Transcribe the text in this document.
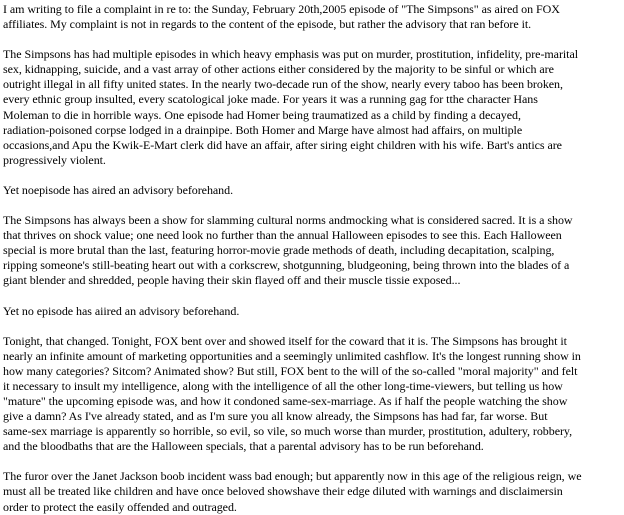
I am writing to file a complaint in re to: the Sunday, February 20th,2005 episode of "The Simpsons" as aired on FOX
affiliates. My complaint is not in regards to the content of the episode, but rather the advisory that ran before it.

The Simpsons has had multiple episodes in which heavy emphasis was put on murder, prostitution, infidelity, pre-marital
sex, kidnapping, suicide, and a vast array of other actions either considered by the majority to be sinful or which are
outright illegal in all fifty united states. In the nearly two-decade run of the show, nearly every taboo has been broken,
every ethnic group insulted, every scatological joke made. For years it was a running gag for tthe character Hans
Moleman to die in horrible ways. One episode had Homer being traumatized as a child by finding a decayed,
radiation-poisoned corpse lodged in a drainpipe. Both Homer and Marge have almost had affairs, on multiple
occasions,and Apu the Kwik-E-Mart clerk did have an affair, after siring eight children with his wife. Bart's antics are
progressively violent.

Yet noepisode has aired an advisory beforehand.

The Simpsons has always been a show for slamming cultural norms andmocking what is considered sacred. It is a show
that thrives on shock value; one need look no further than the annual Halloween episodes to see this. Each Halloween
special is more brutal than the last, featuring horror-movie grade methods of death, including decapitation, scalping,
ripping someone's still-beating heart out with a corkscrew, shotgunning, bludgeoning, being thrown into the blades of a
giant blender and shredded, people having their skin flayed off and their muscle tissie exposed...

Yet no episode has aiired an advisory beforehand.

Tonight, that changed. Tonight, FOX bent over and showed itself for the coward that it is. The Simpsons has brought it
nearly an infinite amount of marketing opportunities and a seemingly unlimited cashflow. It's the longest running show in
how many categories? Sitcom? Animated show? But still, FOX bent to the will of the so-called "moral majority" and felt
it necessary to insult my intelligence, along with the intelligence of all the other long-time-viewers, but telling us how
"mature" the upcoming episode was, and how it condoned same-sex-marriage. As if half the people watching the show
give a damn? As I've already stated, and as I'm sure you all know already, the Simpsons has had far, far worse. But
same-sex marriage is apparently so horrible, so evil, so vile, so much worse than murder, prostitution, adultery, robbery,
and the bloodbaths that are the Halloween specials, that a parental advisory has to be run beforehand.

The furor over the Janet Jackson boob incident wass bad enough; but apparently now in this age of the religious reign, we
must all be treated like children and have once beloved showshave their edge diluted with warnings and disclaimersin
order to protect the easily offended and outraged.
